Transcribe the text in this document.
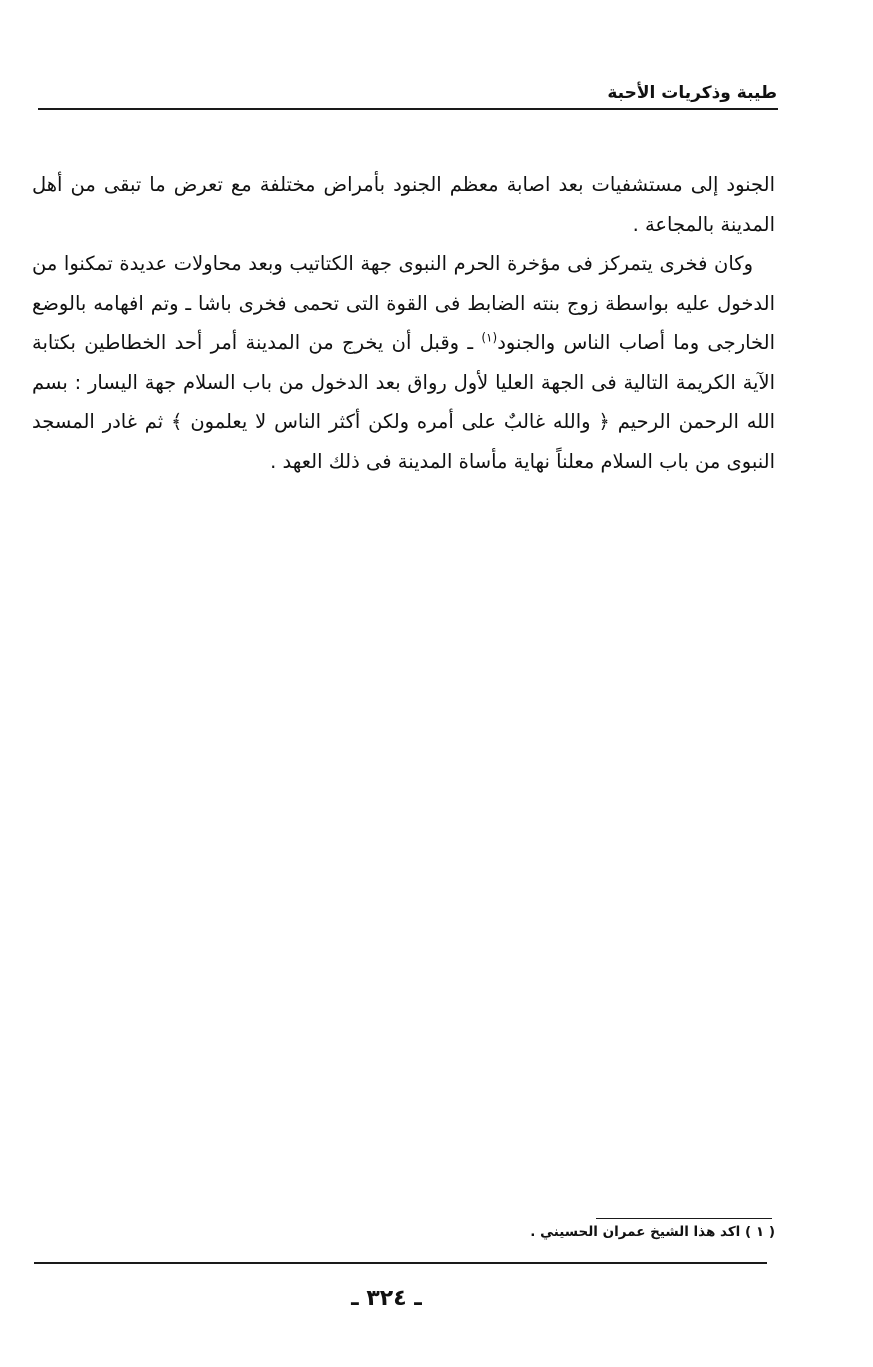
طيبة وذكريات الأحبة

الجنود إلى مستشفيات بعد اصابة معظم الجنود بأمراض مختلفة مع تعرض ما تبقى من أهل المدينة بالمجاعة .

وكان فخرى يتمركز فى مؤخرة الحرم النبوى جهة الكتاتيب وبعد محاولات عديدة تمكنوا من الدخول عليه بواسطة زوج بنته الضابط فى القوة التى تحمى فخرى باشا ـ وتم افهامه بالوضع الخارجى وما أصاب الناس والجنود$^{(١)}$ ـ وقبل أن يخرج من المدينة أمر أحد الخطاطين بكتابة الآية الكريمة التالية فى الجهة العليا لأول رواق بعد الدخول من باب السلام جهة اليسار : بسم الله الرحمن الرحيم ﴿ والله غالبٌ على أمره ولكن أكثر الناس لا يعلمون ﴾ ثم غادر المسجد النبوى من باب السلام معلناً نهاية مأساة المدينة فى ذلك العهد .

( ١ ) اكد هذا الشيخ عمران الحسيني .
ـ ٣٢٤ ـ
